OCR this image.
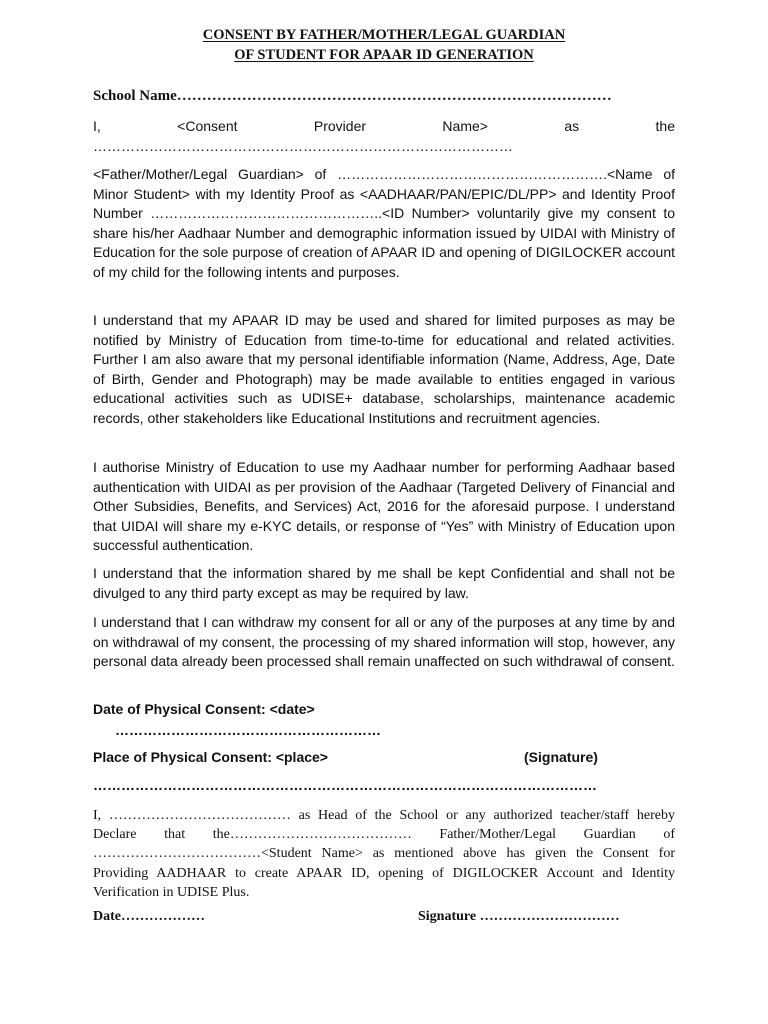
CONSENT BY FATHER/MOTHER/LEGAL GUARDIAN

OF STUDENT FOR APAAR ID GENERATION

School Name……………………………………………………………………………
I,	<Consent	Provider	Name>	as	the
………………………………………………………………………………

<Father/Mother/Legal Guardian> of ………………………………………………….<Name of Minor Student> with my Identity Proof as <AADHAAR/PAN/EPIC/DL/PP> and Identity Proof Number …………………………………………..<ID Number> voluntarily give my consent to share his/her Aadhaar Number and demographic information issued by UIDAI with Ministry of Education for the sole purpose of creation of APAAR ID and opening of DIGILOCKER account of my child for the following intents and purposes.

I understand that my APAAR ID may be used and shared for limited purposes as may be notified by Ministry of Education from time-to-time for educational and related activities. Further I am also aware that my personal identifiable information (Name, Address, Age, Date of Birth, Gender and Photograph) may be made available to entities engaged in various educational activities such as UDISE+ database, scholarships, maintenance academic records, other stakeholders like Educational Institutions and recruitment agencies.

I authorise Ministry of Education to use my Aadhaar number for performing Aadhaar based authentication with UIDAI as per provision of the Aadhaar (Targeted Delivery of Financial and Other Subsidies, Benefits, and Services) Act, 2016 for the aforesaid purpose. I understand that UIDAI will share my e-KYC details, or response of “Yes” with Ministry of Education upon successful authentication.

I understand that the information shared by me shall be kept Confidential and shall not be divulged to any third party except as may be required by law.

I understand that I can withdraw my consent for all or any of the purposes at any time by and on withdrawal of my consent, the processing of my shared information will stop, however, any personal data already been processed shall remain unaffected on such withdrawal of consent.

Date of Physical Consent: <date>
…………………………………………………
Place of Physical Consent: <place>	(Signature)
………………………………………………………………………………………………

I, ………………………………… as Head of the School or any authorized teacher/staff hereby Declare that the………………………………… Father/Mother/Legal Guardian of ………………………………<Student Name> as mentioned above has given the Consent for Providing AADHAAR to create APAAR ID, opening of DIGILOCKER Account and Identity Verification in UDISE Plus.

Date………………	Signature …………………………
